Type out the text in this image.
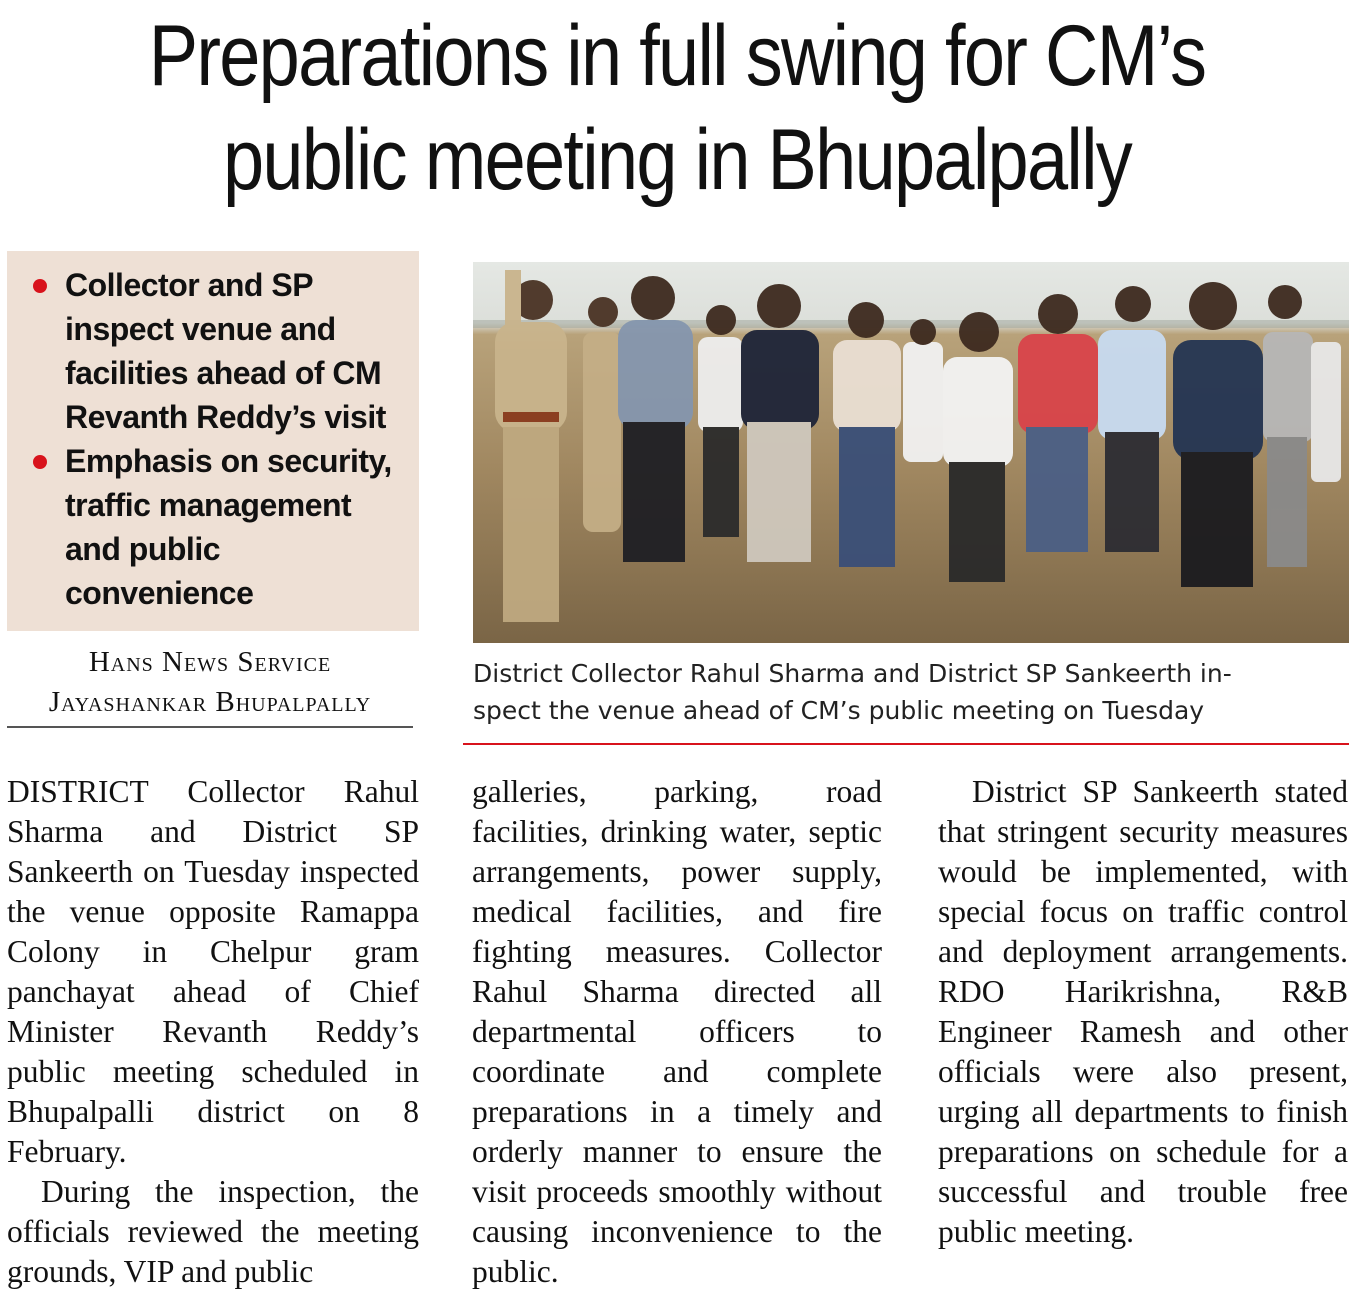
Preparations in full swing for CM’s
public meeting in Bhupalpally
Collector and SP inspect venue and facilities ahead of CM Revanth Reddy’s visit
Emphasis on security, traffic management and public convenience
Hans News Service
Jayashankar Bhupalpally
District Collector Rahul Sharma and District SP Sankeerth in-
spect the venue ahead of CM’s public meeting on Tuesday

DISTRICT Collector Rahul Sharma and District SP Sankeerth on Tuesday inspected the venue opposite Ramappa Colony in Chelpur gram panchayat ahead of Chief Minister Revanth Reddy’s public meeting scheduled in Bhupalpalli district on 8 February.

During the inspection, the officials reviewed the meeting grounds, VIP and public

galleries, parking, road facilities, drinking water, septic arrangements, power supply, medical facilities, and fire fighting measures. Collector Rahul Sharma directed all departmental officers to coordinate and complete preparations in a timely and orderly manner to ensure the visit proceeds smoothly without causing inconvenience to the public.

District SP Sankeerth stated that stringent security measures would be implemented, with special focus on traffic control and deployment arrangements. RDO Harikrishna, R&B Engineer Ramesh and other officials were also present, urging all departments to finish preparations on schedule for a successful and trouble free public meeting.
